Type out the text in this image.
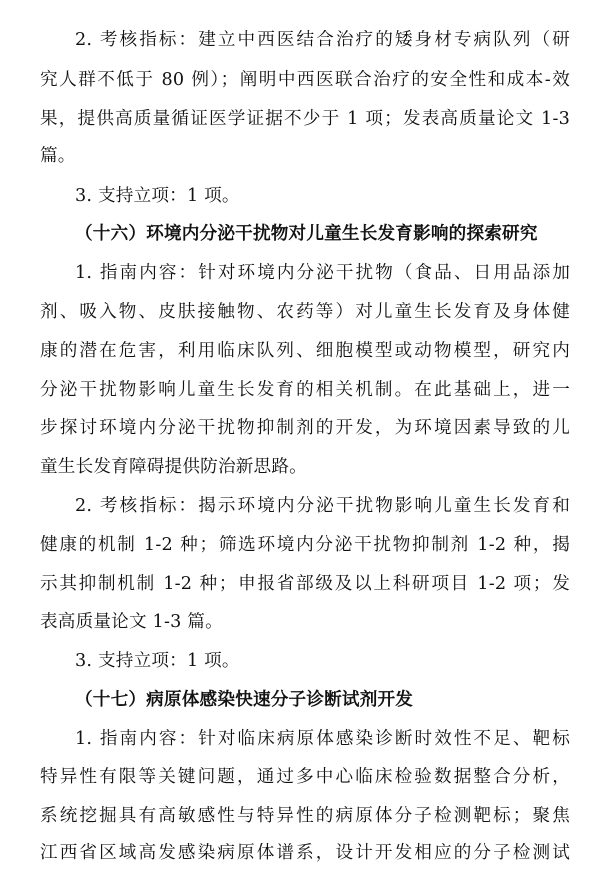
2. 考核指标：建立中西医结合治疗的矮身材专病队列（研
究人群不低于 80 例）；阐明中西医联合治疗的安全性和成本-效
果，提供高质量循证医学证据不少于 1 项；发表高质量论文 1-3
篇。
3. 支持立项：1 项。
（十六）环境内分泌干扰物对儿童生长发育影响的探索研究
1. 指南内容：针对环境内分泌干扰物（食品、日用品添加
剂、吸入物、皮肤接触物、农药等）对儿童生长发育及身体健
康的潜在危害，利用临床队列、细胞模型或动物模型，研究内
分泌干扰物影响儿童生长发育的相关机制。在此基础上，进一
步探讨环境内分泌干扰物抑制剂的开发，为环境因素导致的儿
童生长发育障碍提供防治新思路。
2. 考核指标：揭示环境内分泌干扰物影响儿童生长发育和
健康的机制 1-2 种；筛选环境内分泌干扰物抑制剂 1-2 种，揭
示其抑制机制 1-2 种；申报省部级及以上科研项目 1-2 项；发
表高质量论文 1-3 篇。
3. 支持立项：1 项。
（十七）病原体感染快速分子诊断试剂开发
1. 指南内容：针对临床病原体感染诊断时效性不足、靶标
特异性有限等关键问题，通过多中心临床检验数据整合分析，
系统挖掘具有高敏感性与特异性的病原体分子检测靶标；聚焦
江西省区域高发感染病原体谱系，设计开发相应的分子检测试
